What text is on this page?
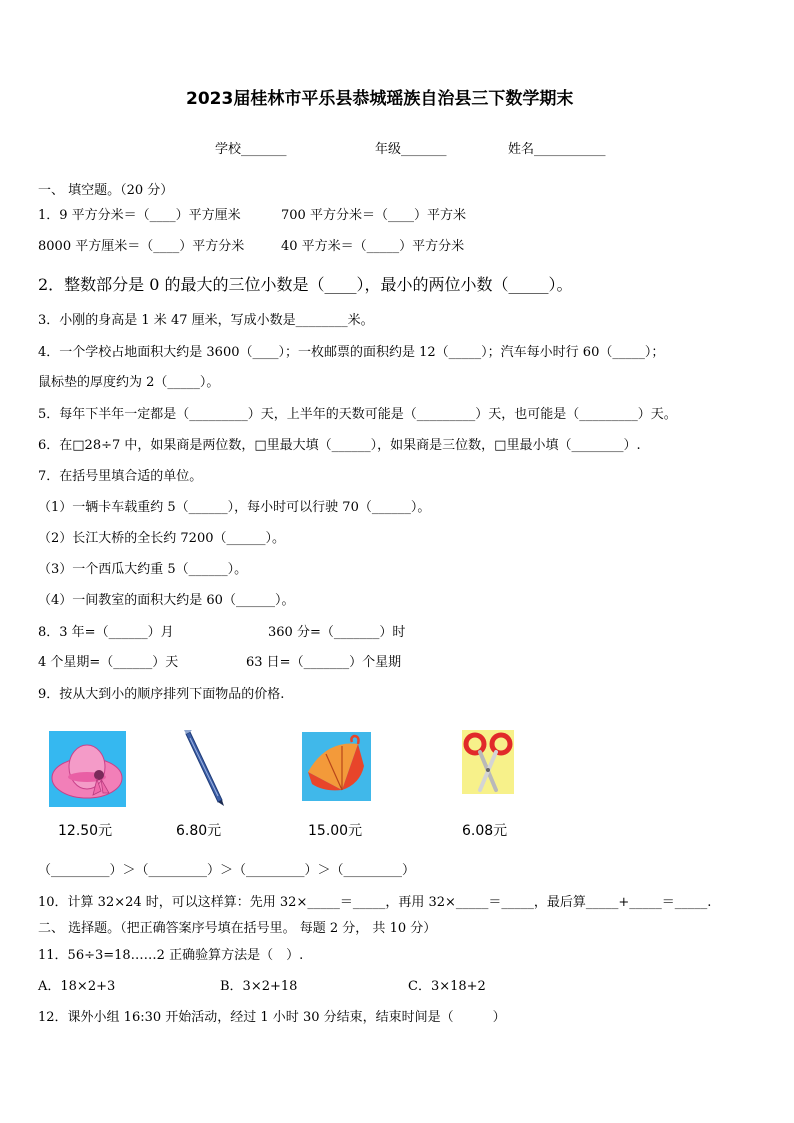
2023届桂林市平乐县恭城瑶族自治县三下数学期末
学校_______	年级_______	姓名___________
一、 填空题。（20 分）
1．9 平方分米＝（____）平方厘米	700 平方分米＝（____）平方米
8000 平方厘米＝（____）平方分米	40 平方米＝（_____）平方分米
2．整数部分是 0 的最大的三位小数是（____），最小的两位小数（_____）。
3．小刚的身高是 1 米 47 厘米，写成小数是________米。
4．一个学校占地面积大约是 3600（____）；一枚邮票的面积约是 12（_____）；汽车每小时行 60（_____）；
鼠标垫的厚度约为 2（_____）。
5．每年下半年一定都是（_________）天，上半年的天数可能是（_________）天，也可能是（_________）天。
6．在□28÷7 中，如果商是两位数，□里最大填（______），如果商是三位数，□里最小填（________）.
7．在括号里填合适的单位。
（1）一辆卡车载重约 5（______），每小时可以行驶 70（______）。
（2）长江大桥的全长约 7200（______）。
（3）一个西瓜大约重 5（______）。
（4）一间教室的面积大约是 60（______）。
8．3 年=（______）月	360 分=（_______）时
4 个星期=（______）天	63 日=（_______）个星期
9．按从大到小的顺序排列下面物品的价格.
12.50元	6.80元	15.00元	6.08元
（_________）＞（_________）＞（_________）＞（_________）
10．计算 32×24 时，可以这样算：先用 32×_____＝_____，再用 32×_____＝_____，最后算_____+_____＝_____.
二、 选择题。（把正确答案序号填在括号里。 每题 2 分， 共 10 分）
11．56÷3=18……2 正确验算方法是（　）.
A．18×2+3	B．3×2+18	C．3×18+2
12．课外小组 16:30 开始活动，经过 1 小时 30 分结束，结束时间是（　　　）
